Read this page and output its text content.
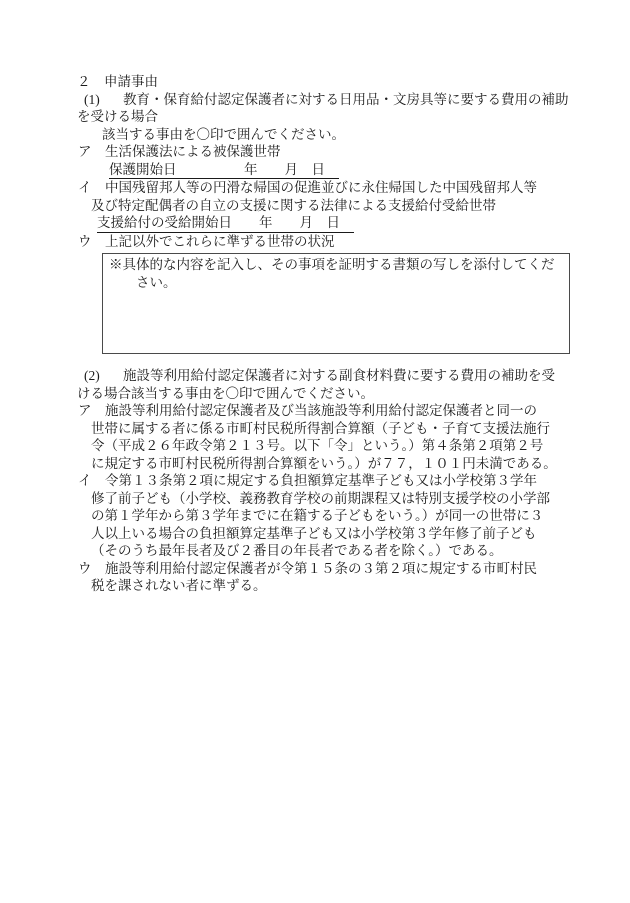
２　申請事由
(1) 教育・保育給付認定保護者に対する日用品・文房具等に要する費用の補助
を受ける場合
該当する事由を〇印で囲んでください。
ア　生活保護法による被保護世帯
保護開始日　　　　　年　　月　日　
イ　中国残留邦人等の円滑な帰国の促進並びに永住帰国した中国残留邦人等
及び特定配偶者の自立の支援に関する法律による支援給付受給世帯
支援給付の受給開始日　　年　　月　日　
ウ　上記以外でこれらに準ずる世帯の状況
※具体的な内容を記入し、その事項を証明する書類の写しを添付してくだ
さい。
(2) 施設等利用給付認定保護者に対する副食材料費に要する費用の補助を受
ける場合該当する事由を〇印で囲んでください。
ア　施設等利用給付認定保護者及び当該施設等利用給付認定保護者と同一の
世帯に属する者に係る市町村民税所得割合算額（子ども・子育て支援法施行
令（平成２６年政令第２１３号。以下「令」という。）第４条第２項第２号
に規定する市町村民税所得割合算額をいう。）が７７，１０１円未満である。
イ　令第１３条第２項に規定する負担額算定基準子ども又は小学校第３学年
修了前子ども（小学校、義務教育学校の前期課程又は特別支援学校の小学部
の第１学年から第３学年までに在籍する子どもをいう。）が同一の世帯に３
人以上いる場合の負担額算定基準子ども又は小学校第３学年修了前子ども
（そのうち最年長者及び２番目の年長者である者を除く。）である。
ウ　施設等利用給付認定保護者が令第１５条の３第２項に規定する市町村民
税を課されない者に準ずる。
